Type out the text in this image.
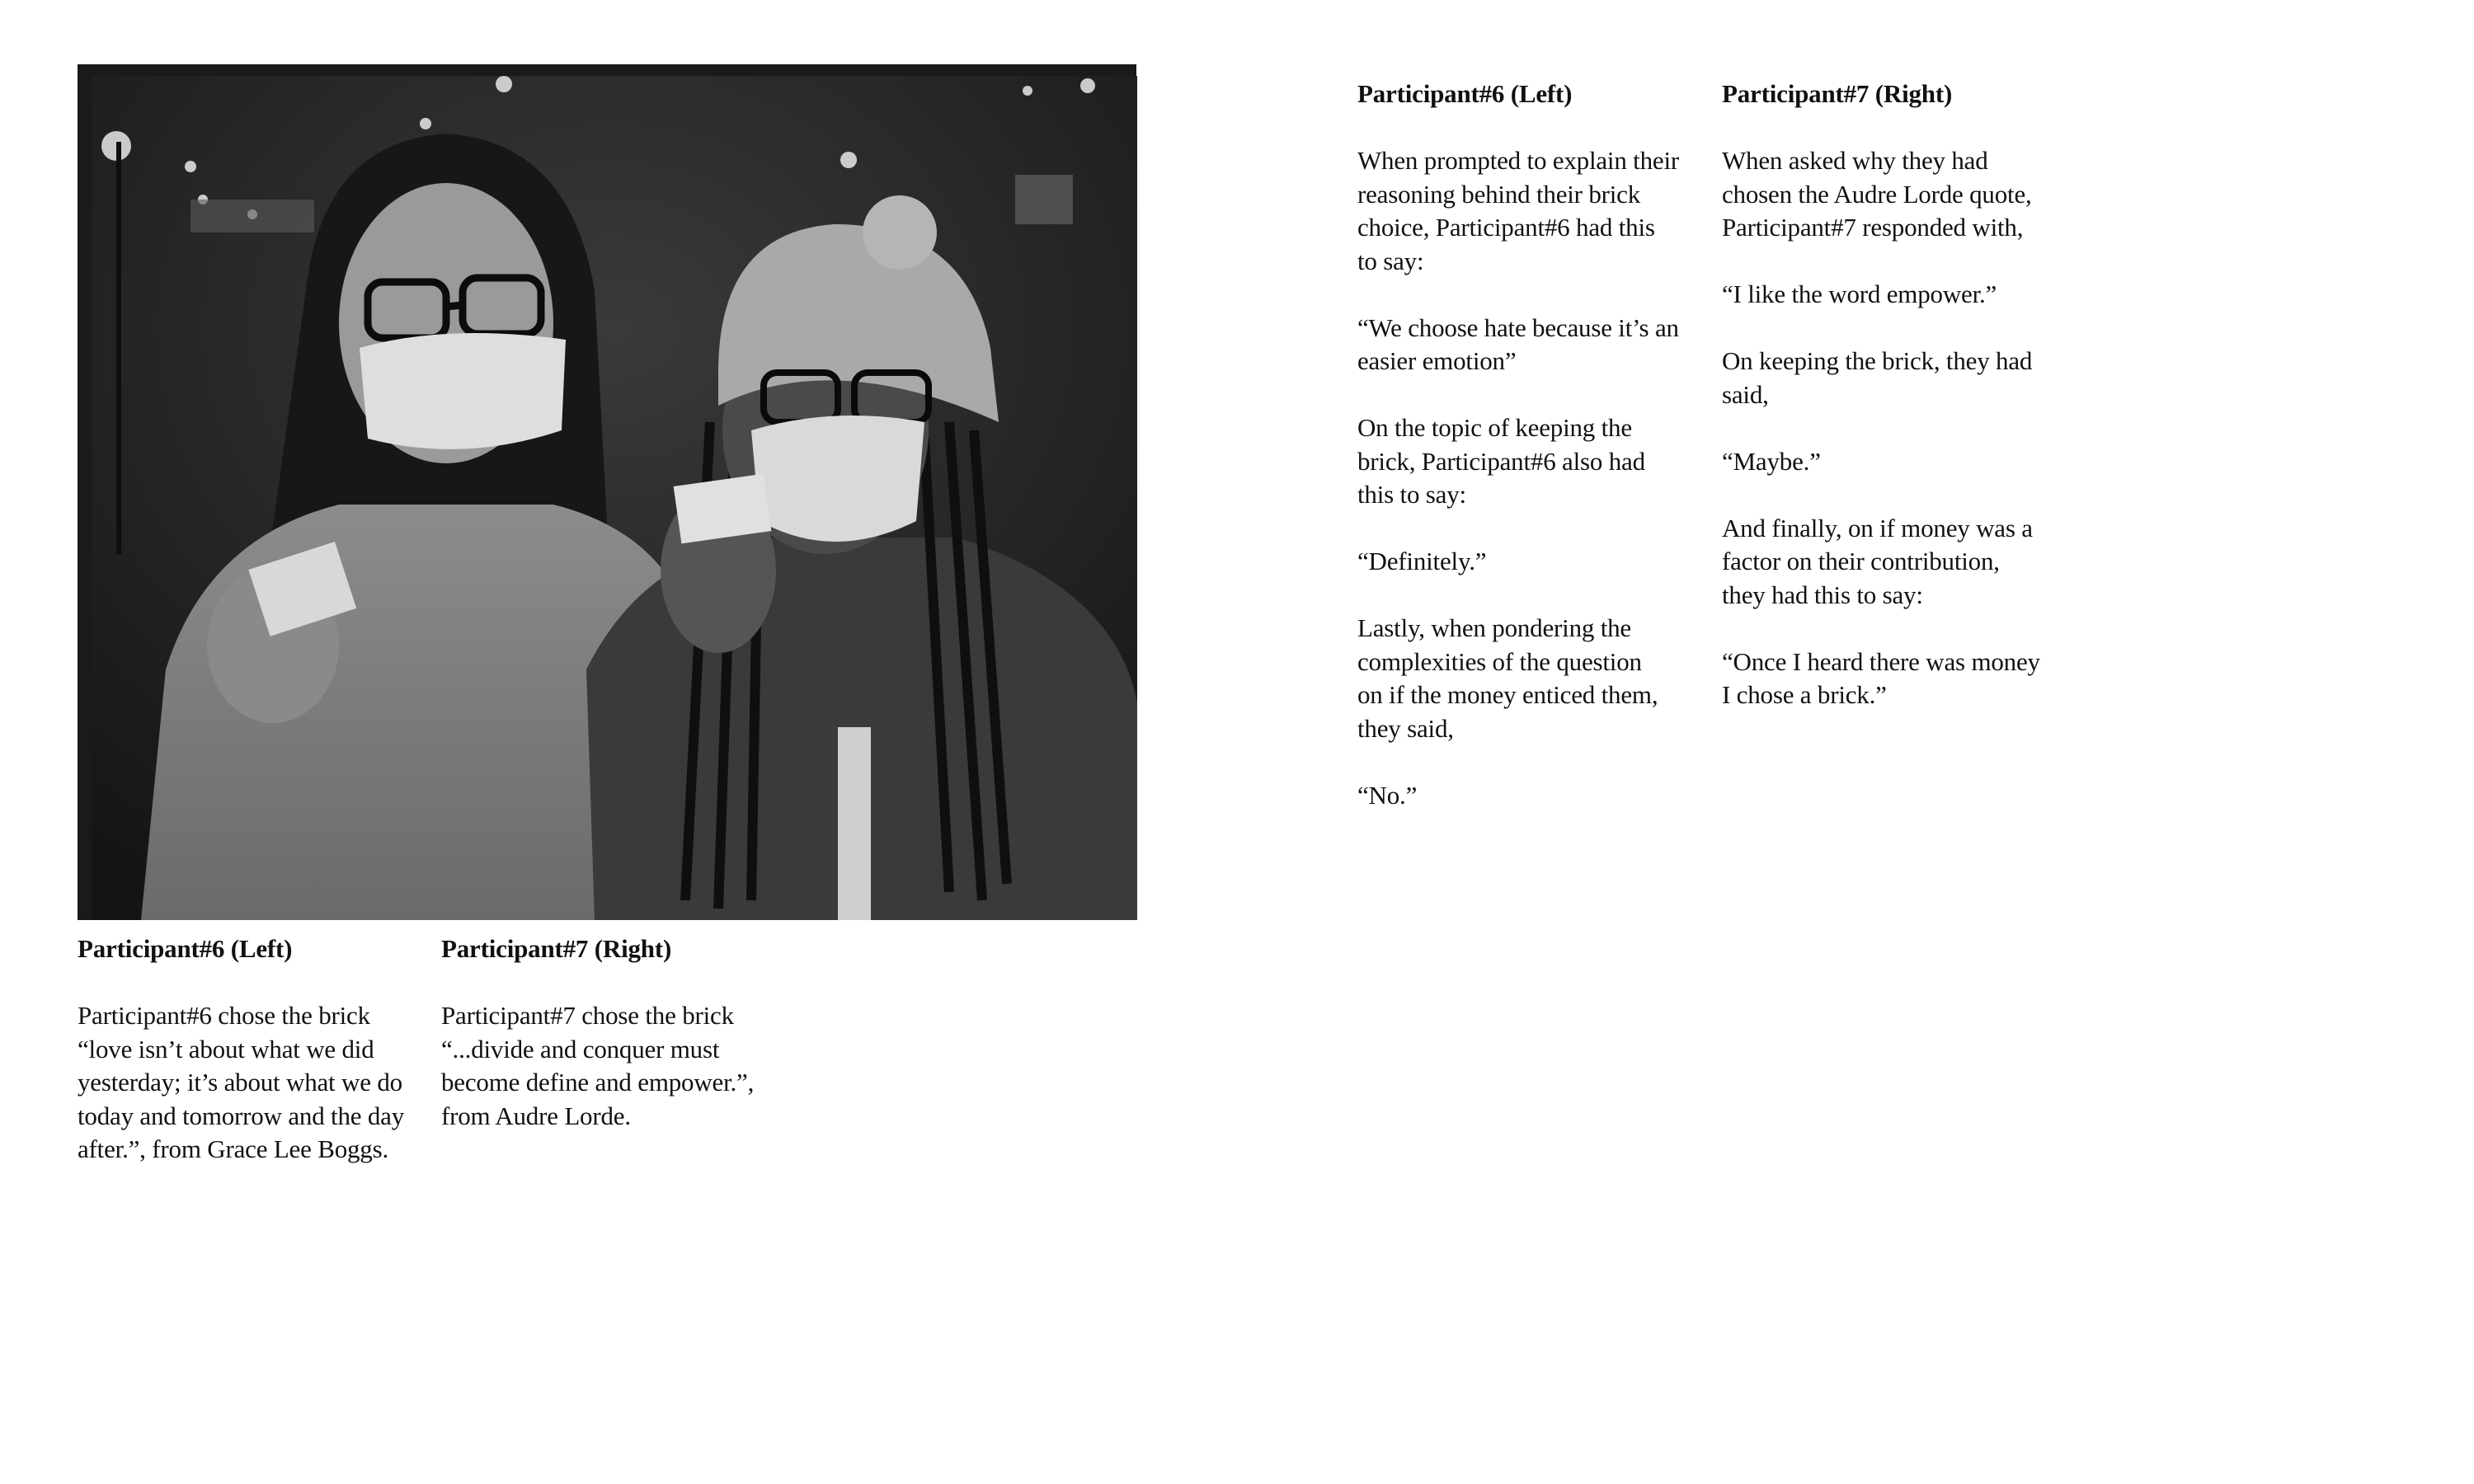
Participant#6 (Left)

Participant#6 chose the brick
“love isn’t about what we did
yesterday; it’s about what we do
today and tomorrow and the day
after.”, from Grace Lee Boggs.

Participant#7 (Right)

Participant#7 chose the brick
“...divide and conquer must
become define and empower.”,
from Audre Lorde.

Participant#6 (Left)

When prompted to explain their
reasoning behind their brick
choice, Participant#6 had this
to say:

“We choose hate because it’s an
easier emotion”

On the topic of keeping the
brick, Participant#6 also had
this to say:

“Definitely.”

Lastly, when pondering the
complexities of the question
on if the money enticed them,
they said,

“No.”

Participant#7 (Right)

When asked why they had
chosen the Audre Lorde quote,
Participant#7 responded with,

“I like the word empower.”

On keeping the brick, they had
said,

“Maybe.”

And finally, on if money was a
factor on their contribution,
they had this to say:

“Once I heard there was money
I chose a brick.”
